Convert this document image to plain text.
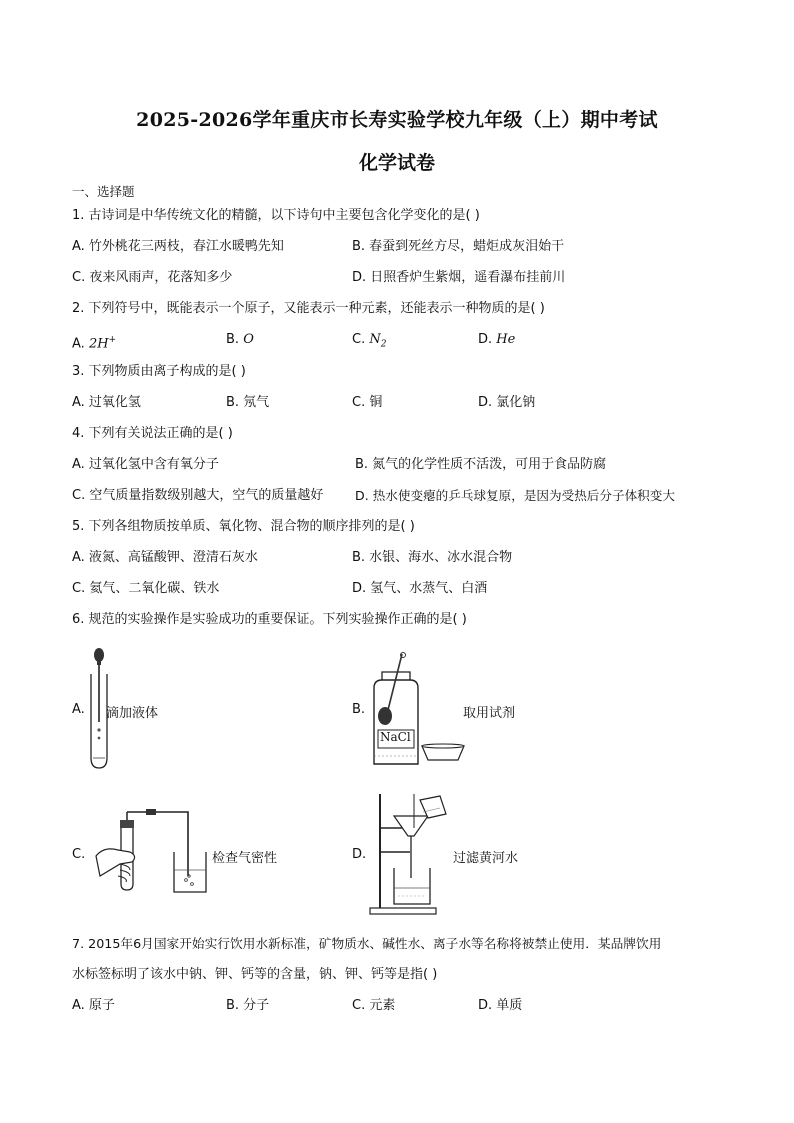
2025-2026学年重庆市长寿实验学校九年级（上）期中考试
化学试卷
一、选择题
1. 古诗词是中华传统文化的精髓，以下诗句中主要包含化学变化的是( )
A. 竹外桃花三两枝，春江水暖鸭先知	B. 春蚕到死丝方尽，蜡炬成灰泪始干
C. 夜来风雨声，花落知多少	D. 日照香炉生紫烟，遥看瀑布挂前川
2. 下列符号中，既能表示一个原子，又能表示一种元素，还能表示一种物质的是( )
A. 2H+	B. O	C. $N_2$	D. He
3. 下列物质由离子构成的是( )
A. 过氧化氢	B. 氖气	C. 铜	D. 氯化钠
4. 下列有关说法正确的是( )
A. 过氧化氢中含有氧分子	B. 氮气的化学性质不活泼，可用于食品防腐
C. 空气质量指数级别越大，空气的质量越好	D. 热水使变瘪的乒乓球复原，是因为受热后分子体积变大
5. 下列各组物质按单质、氧化物、混合物的顺序排列的是( )
A. 液氮、高锰酸钾、澄清石灰水	B. 水银、海水、冰水混合物
C. 氦气、二氧化碳、铁水	D. 氢气、水蒸气、白酒
6. 规范的实验操作是实验成功的重要保证。下列实验操作正确的是( )
A. 滴加液体	B.
NaCl
取用试剂
C.	检查气密性	D.	过滤黄河水
7. 2015年6月国家开始实行饮用水新标准，矿物质水、碱性水、离子水等名称将被禁止使用．某品牌饮用
水标签标明了该水中钠、钾、钙等的含量，钠、钾、钙等是指( )
A. 原子	B. 分子	C. 元素	D. 单质
